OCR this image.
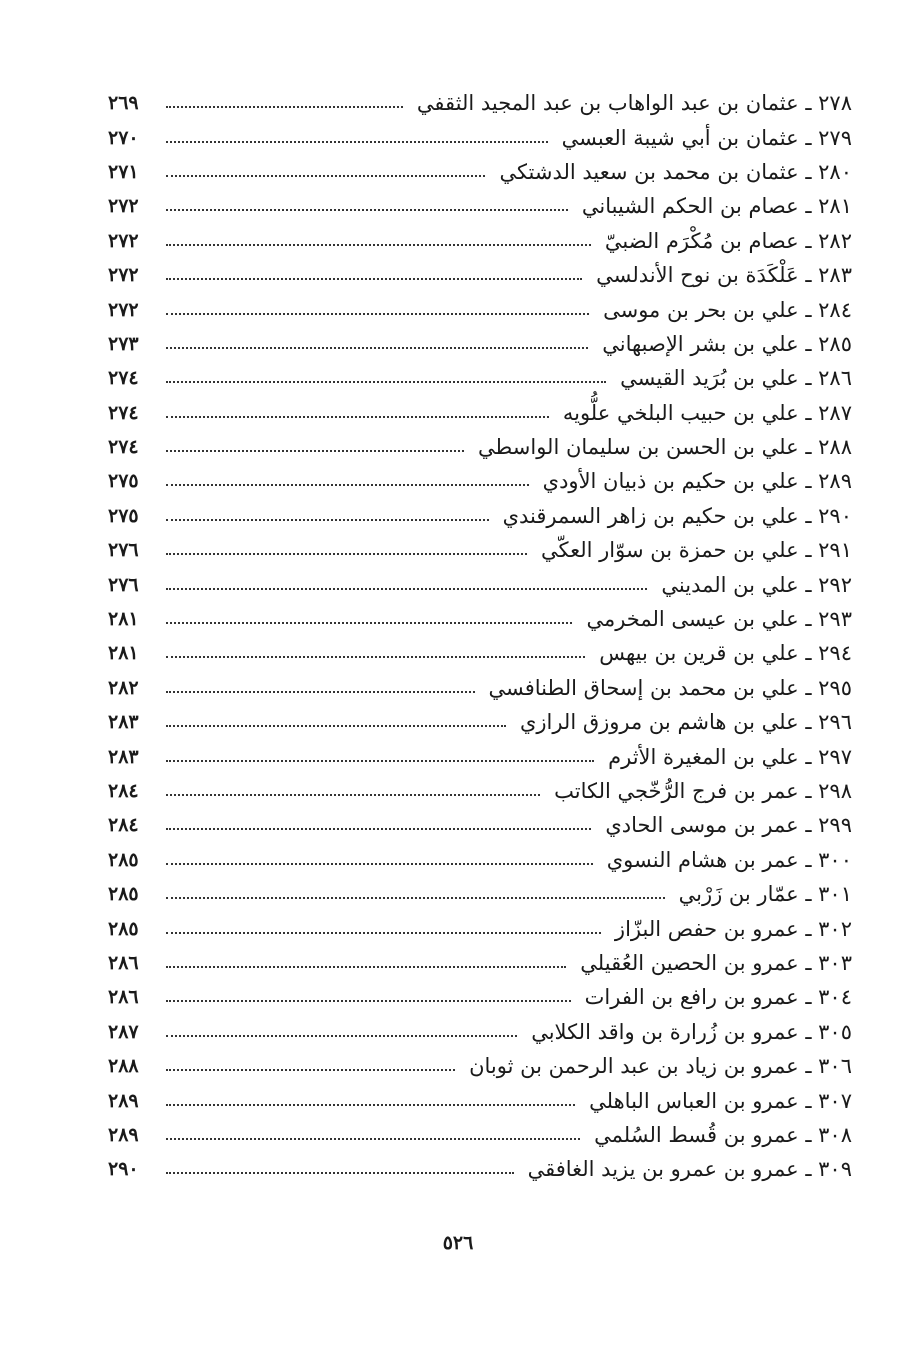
٢٧٨ ـ عثمان بن عبد الواهاب بن عبد المجيد الثقفي
٢٦٩
٢٧٩ ـ عثمان بن أبي شيبة العبسي
٢٧٠
٢٨٠ ـ عثمان بن محمد بن سعيد الدشتكي
٢٧١
٢٨١ ـ عصام بن الحكم الشيباني
٢٧٢
٢٨٢ ـ عصام بن مُكْرَم الضبيّ
٢٧٢
٢٨٣ ـ عَلْكَدَة بن نوح الأندلسي
٢٧٢
٢٨٤ ـ علي بن بحر بن موسى
٢٧٢
٢٨٥ ـ علي بن بشر الإصبهاني
٢٧٣
٢٨٦ ـ علي بن بُرَيد القيسي
٢٧٤
٢٨٧ ـ علي بن حبيب البلخي علُّويه
٢٧٤
٢٨٨ ـ علي بن الحسن بن سليمان الواسطي
٢٧٤
٢٨٩ ـ علي بن حكيم بن ذبيان الأودي
٢٧٥
٢٩٠ ـ علي بن حكيم بن زاهر السمرقندي
٢٧٥
٢٩١ ـ علي بن حمزة بن سوّار العكّي
٢٧٦
٢٩٢ ـ علي بن المديني
٢٧٦
٢٩٣ ـ علي بن عيسى المخرمي
٢٨١
٢٩٤ ـ علي بن قرين بن بيهس
٢٨١
٢٩٥ ـ علي بن محمد بن إسحاق الطنافسي
٢٨٢
٢٩٦ ـ علي بن هاشم بن مروزق الرازي
٢٨٣
٢٩٧ ـ علي بن المغيرة الأثرم
٢٨٣
٢٩٨ ـ عمر بن فرج الرُّخّجي الكاتب
٢٨٤
٢٩٩ ـ عمر بن موسى الحادي
٢٨٤
٣٠٠ ـ عمر بن هشام النسوي
٢٨٥
٣٠١ ـ عمّار بن زَرْبي
٢٨٥
٣٠٢ ـ عمرو بن حفص البزّاز
٢٨٥
٣٠٣ ـ عمرو بن الحصين العُقيلي
٢٨٦
٣٠٤ ـ عمرو بن رافع بن الفرات
٢٨٦
٣٠٥ ـ عمرو بن زُرارة بن واقد الكلابي
٢٨٧
٣٠٦ ـ عمرو بن زياد بن عبد الرحمن بن ثوبان
٢٨٨
٣٠٧ ـ عمرو بن العباس الباهلي
٢٨٩
٣٠٨ ـ عمرو بن قُسط السُلمي
٢٨٩
٣٠٩ ـ عمرو بن عمرو بن يزيد الغافقي
٢٩٠
٥٢٦
